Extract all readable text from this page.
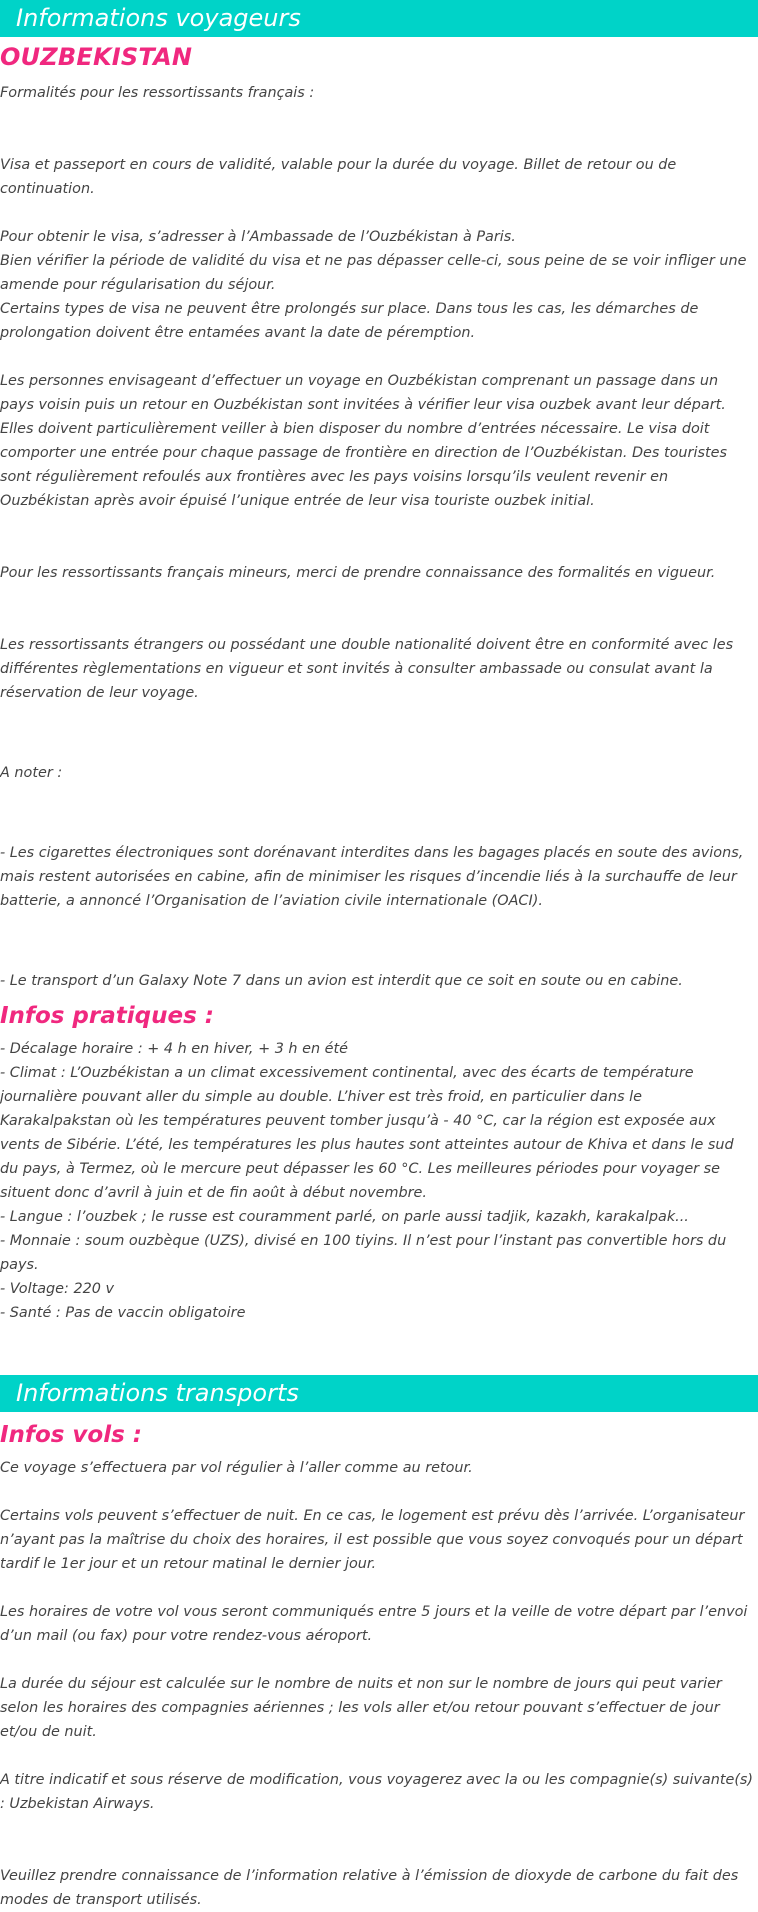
Informations voyageurs
OUZBEKISTAN

Formalités pour les ressortissants français :

Visa et passeport en cours de validité, valable pour la durée du voyage. Billet de retour ou de continuation.

Pour obtenir le visa, s’adresser à l’Ambassade de l’Ouzbékistan à Paris.

Bien vérifier la période de validité du visa et ne pas dépasser celle-ci, sous peine de se voir infliger une amende pour régularisation du séjour.

Certains types de visa ne peuvent être prolongés sur place. Dans tous les cas, les démarches de prolongation doivent être entamées avant la date de péremption.

Les personnes envisageant d’effectuer un voyage en Ouzbékistan comprenant un passage dans un pays voisin puis un retour en Ouzbékistan sont invitées à vérifier leur visa ouzbek avant leur départ. Elles doivent particulièrement veiller à bien disposer du nombre d’entrées nécessaire. Le visa doit comporter une entrée pour chaque passage de frontière en direction de l’Ouzbékistan. Des touristes sont régulièrement refoulés aux frontières avec les pays voisins lorsqu’ils veulent revenir en Ouzbékistan après avoir épuisé l’unique entrée de leur visa touriste ouzbek initial.

Pour les ressortissants français mineurs, merci de prendre connaissance des formalités en vigueur.

Les ressortissants étrangers ou possédant une double nationalité doivent être en conformité avec les différentes règlementations en vigueur et sont invités à consulter ambassade ou consulat avant la réservation de leur voyage.

A noter :

- Les cigarettes électroniques sont dorénavant interdites dans les bagages placés en soute des avions, mais restent autorisées en cabine, afin de minimiser les risques d’incendie liés à la surchauffe de leur batterie, a annoncé l’Organisation de l’aviation civile internationale (OACI).

- Le transport d’un Galaxy Note 7 dans un avion est interdit que ce soit en soute ou en cabine.

Infos pratiques :

- Décalage horaire : + 4 h en hiver, + 3 h en été

- Climat : L’Ouzbékistan a un climat excessivement continental, avec des écarts de température journalière pouvant aller du simple au double. L’hiver est très froid, en particulier dans le Karakalpakstan où les températures peuvent tomber jusqu’à - 40 °C, car la région est exposée aux vents de Sibérie. L’été, les températures les plus hautes sont atteintes autour de Khiva et dans le sud du pays, à Termez, où le mercure peut dépasser les 60 °C. Les meilleures périodes pour voyager se situent donc d’avril à juin et de fin août à début novembre.

- Langue : l’ouzbek ; le russe est couramment parlé, on parle aussi tadjik, kazakh, karakalpak...

- Monnaie : soum ouzbèque (UZS), divisé en 100 tiyins. Il n’est pour l’instant pas convertible hors du pays.

- Voltage: 220 v

- Santé : Pas de vaccin obligatoire

Informations transports
Infos vols :

Ce voyage s’effectuera par vol régulier à l’aller comme au retour.

Certains vols peuvent s’effectuer de nuit. En ce cas, le logement est prévu dès l’arrivée. L’organisateur n’ayant pas la maîtrise du choix des horaires, il est possible que vous soyez convoqués pour un départ tardif le 1er jour et un retour matinal le dernier jour.

Les horaires de votre vol vous seront communiqués entre 5 jours et la veille de votre départ par l’envoi d’un mail (ou fax) pour votre rendez-vous aéroport.

La durée du séjour est calculée sur le nombre de nuits et non sur le nombre de jours qui peut varier selon les horaires des compagnies aériennes ; les vols aller et/ou retour pouvant s’effectuer de jour et/ou de nuit.

A titre indicatif et sous réserve de modification, vous voyagerez avec la ou les compagnie(s) suivante(s) : Uzbekistan Airways.

Veuillez prendre connaissance de l’information relative à l’émission de dioxyde de carbone du fait des modes de transport utilisés.
